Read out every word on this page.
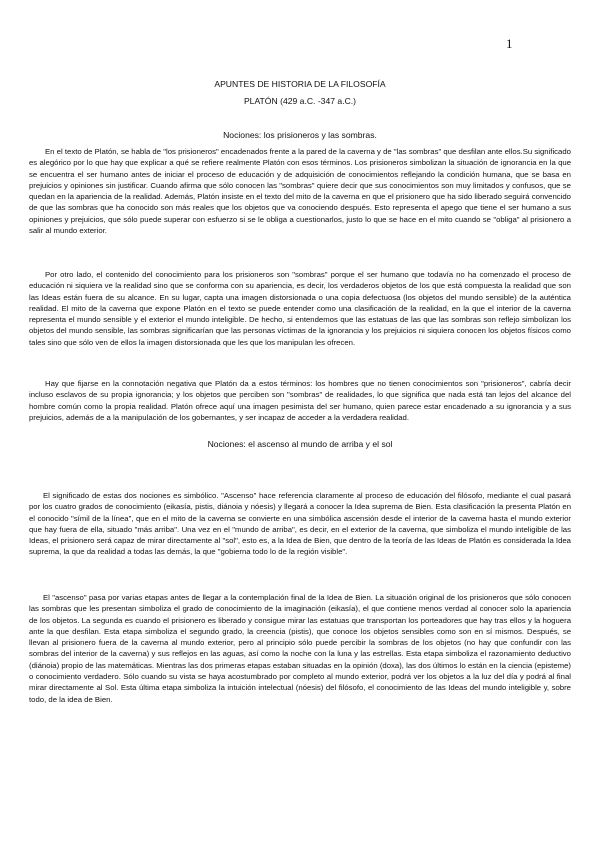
1
APUNTES DE HISTORIA DE LA FILOSOFÍA
PLATÓN (429 a.C. -347 a.C.)
Nociones: los prisioneros y las sombras.

En el texto de Platón, se habla de "los prisioneros" encadenados frente a la pared de la caverna y de "las sombras" que desfilan ante ellos.Su significado es alegórico por lo que hay que explicar a qué se refiere realmente Platón con esos términos. Los prisioneros simbolizan la situación de ignorancia en la que se encuentra el ser humano antes de iniciar el proceso de educación y de adquisición de conocimientos reflejando la condición humana, que se basa en prejuicios y opiniones sin justificar. Cuando afirma que sólo conocen las "sombras" quiere decir que sus conocimientos son muy limitados y confusos, que se quedan en la apariencia de la realidad. Además, Platón insiste en el texto del mito de la caverna en que el prisionero que ha sido liberado seguirá convencido de que las sombras que ha conocido son más reales que los objetos que va conociendo después. Esto representa el apego que tiene el ser humano a sus opiniones y prejuicios, que sólo puede superar con esfuerzo si se le obliga a cuestionarlos, justo lo que se hace en el mito cuando se "obliga" al prisionero a salir al mundo exterior.

Por otro lado, el contenido del conocimiento para los prisioneros son "sombras" porque el ser humano que todavía no ha comenzado el proceso de educación ni siquiera ve la realidad sino que se conforma con su apariencia, es decir, los verdaderos objetos de los que está compuesta la realidad que son las Ideas están fuera de su alcance. En su lugar, capta una imagen distorsionada o una copia defectuosa (los objetos del mundo sensible) de la auténtica realidad. El mito de la caverna que expone Platón en el texto se puede entender como una clasificación de la realidad, en la que el interior de la caverna representa el mundo sensible y el exterior el mundo inteligible. De hecho, si entendemos que las estatuas de las que las sombras son reflejo simbolizan los objetos del mundo sensible, las sombras significarían que las personas víctimas de la ignorancia y los prejuicios ni siquiera conocen los objetos físicos como tales sino que sólo ven de ellos la imagen distorsionada que les que los manipulan les ofrecen.

Hay que fijarse en la connotación negativa que Platón da a estos términos: los hombres que no tienen conocimientos son "prisioneros", cabría decir incluso esclavos de su propia ignorancia; y los objetos que perciben son "sombras" de realidades, lo que significa que nada está tan lejos del alcance del hombre común como la propia realidad. Platón ofrece aquí una imagen pesimista del ser humano, quien parece estar encadenado a su ignorancia y a sus prejuicios, además de a la manipulación de los gobernantes, y ser incapaz de acceder a la verdadera realidad.

Nociones: el ascenso al mundo de arriba y el sol

El significado de estas dos nociones es simbólico. "Ascenso" hace referencia claramente al proceso de educación del filósofo, mediante el cual pasará por los cuatro grados de conocimiento (eikasía, pistis, diánoia y nóesis) y llegará a conocer la Idea suprema de Bien. Esta clasificación la presenta Platón en el conocido "símil de la línea", que en el mito de la caverna se convierte en una simbólica ascensión desde el interior de la caverna hasta el mundo exterior que hay fuera de ella, situado "más arriba". Una vez en el "mundo de arriba", es decir, en el exterior de la caverna, que simboliza el mundo inteligible de las Ideas, el prisionero será capaz de mirar directamente al "sol", esto es, a la Idea de Bien, que dentro de la teoría de las Ideas de Platón es considerada la Idea suprema, la que da realidad a todas las demás, la que "gobierna todo lo de la región visible".

El "ascenso" pasa por varias etapas antes de llegar a la contemplación final de la Idea de Bien. La situación original de los prisioneros que sólo conocen las sombras que les presentan simboliza el grado de conocimiento de la imaginación (eikasía), el que contiene menos verdad al conocer solo la apariencia de los objetos. La segunda es cuando el prisionero es liberado y consigue mirar las estatuas que transportan los porteadores que hay tras ellos y la hoguera ante la que desfilan. Esta etapa simboliza el segundo grado, la creencia (pistis), que conoce los objetos sensibles como son en sí mismos. Después, se llevan al prisionero fuera de la caverna al mundo exterior, pero al principio sólo puede percibir la sombras de los objetos (no hay que confundir con las sombras del interior de la caverna) y sus reflejos en las aguas, así como la noche con la luna y las estrellas. Esta etapa simboliza el razonamiento deductivo (diánoia) propio de las matemáticas. Mientras las dos primeras etapas estaban situadas en la opinión (doxa), las dos últimos lo están en la ciencia (episteme) o conocimiento verdadero. Sólo cuando su vista se haya acostumbrado por completo al mundo exterior, podrá ver los objetos a la luz del día y podrá al final mirar directamente al Sol. Esta última etapa simboliza la intuición intelectual (nóesis) del filósofo, el conocimiento de las Ideas del mundo inteligible y, sobre todo, de la idea de Bien.
